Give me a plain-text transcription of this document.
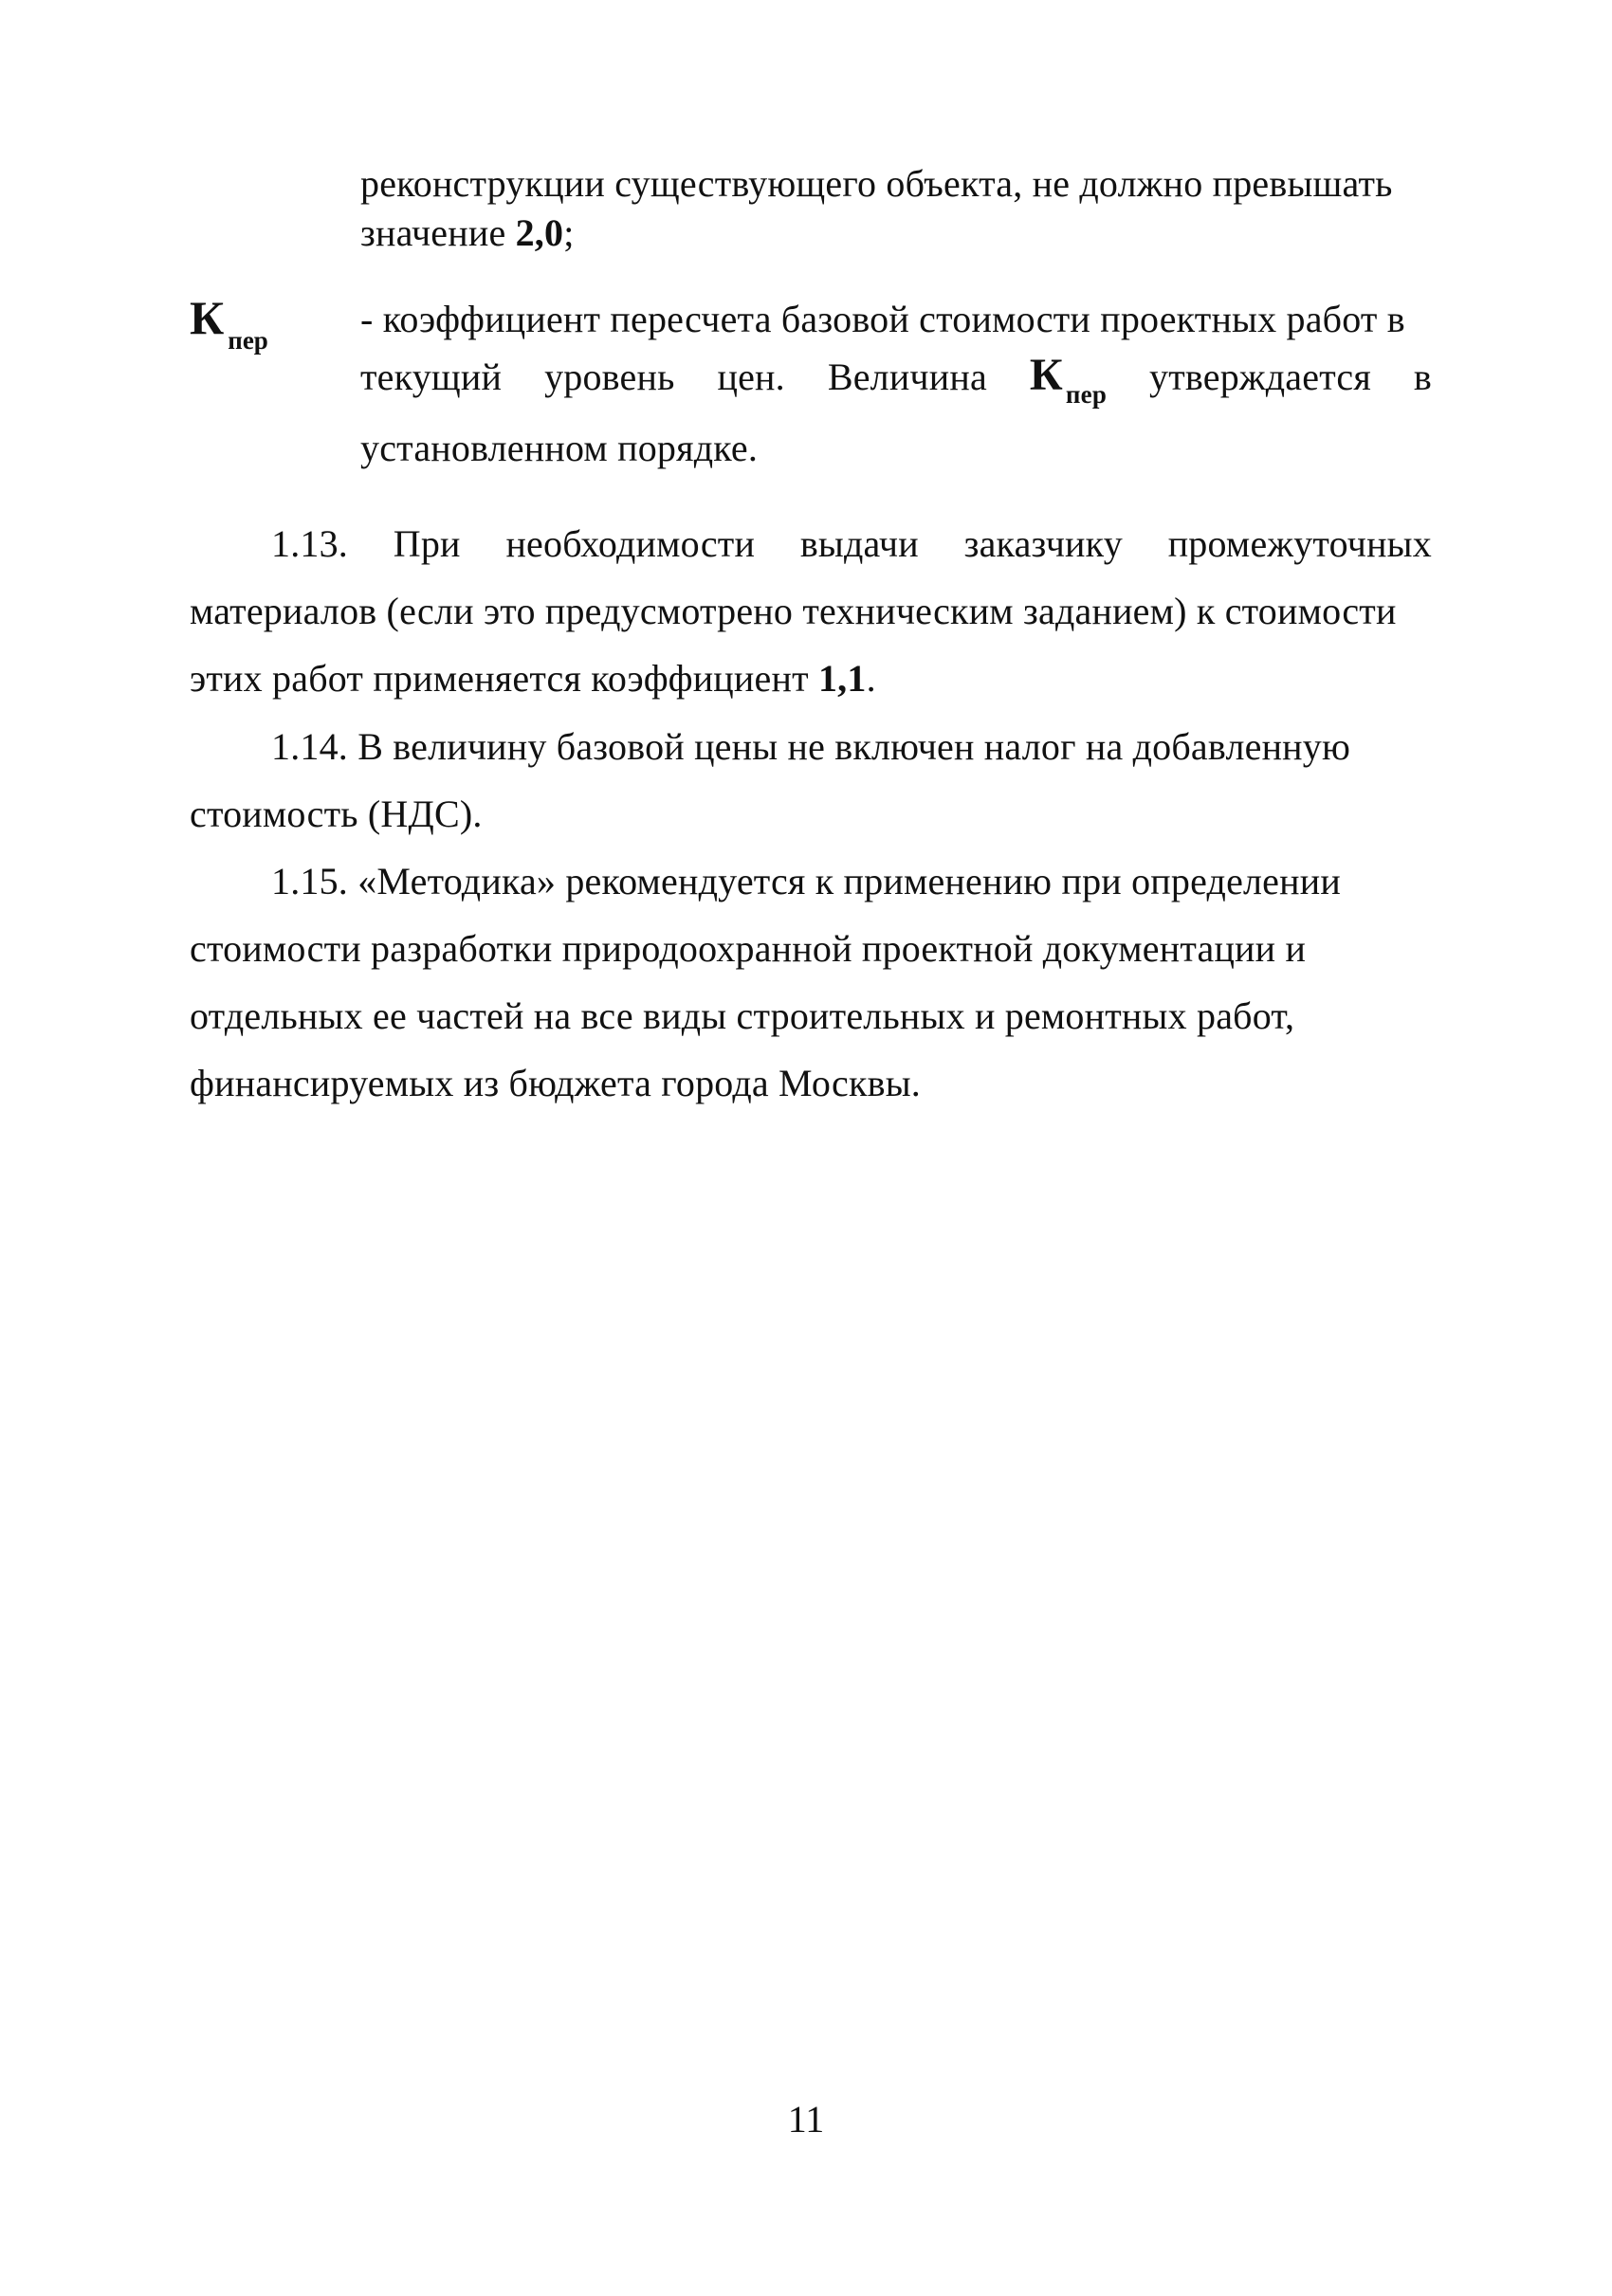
реконструкции существующего объекта, не должно превышать
значение 2,0;
Кпер - коэффициент пересчета базовой стоимости проектных работ в
текущий уровень цен. Величина К $_{пер}$ утверждается в
установленном порядке.
1.13. При необходимости выдачи заказчику промежуточных
материалов (если это предусмотрено техническим заданием) к стоимости
этих работ применяется коэффициент 1,1.
1.14. В величину базовой цены не включен налог на добавленную
стоимость (НДС).
1.15. «Методика» рекомендуется к применению при определении
стоимости разработки природоохранной проектной документации и
отдельных ее частей на все виды строительных и ремонтных работ,
финансируемых из бюджета города Москвы.
11
